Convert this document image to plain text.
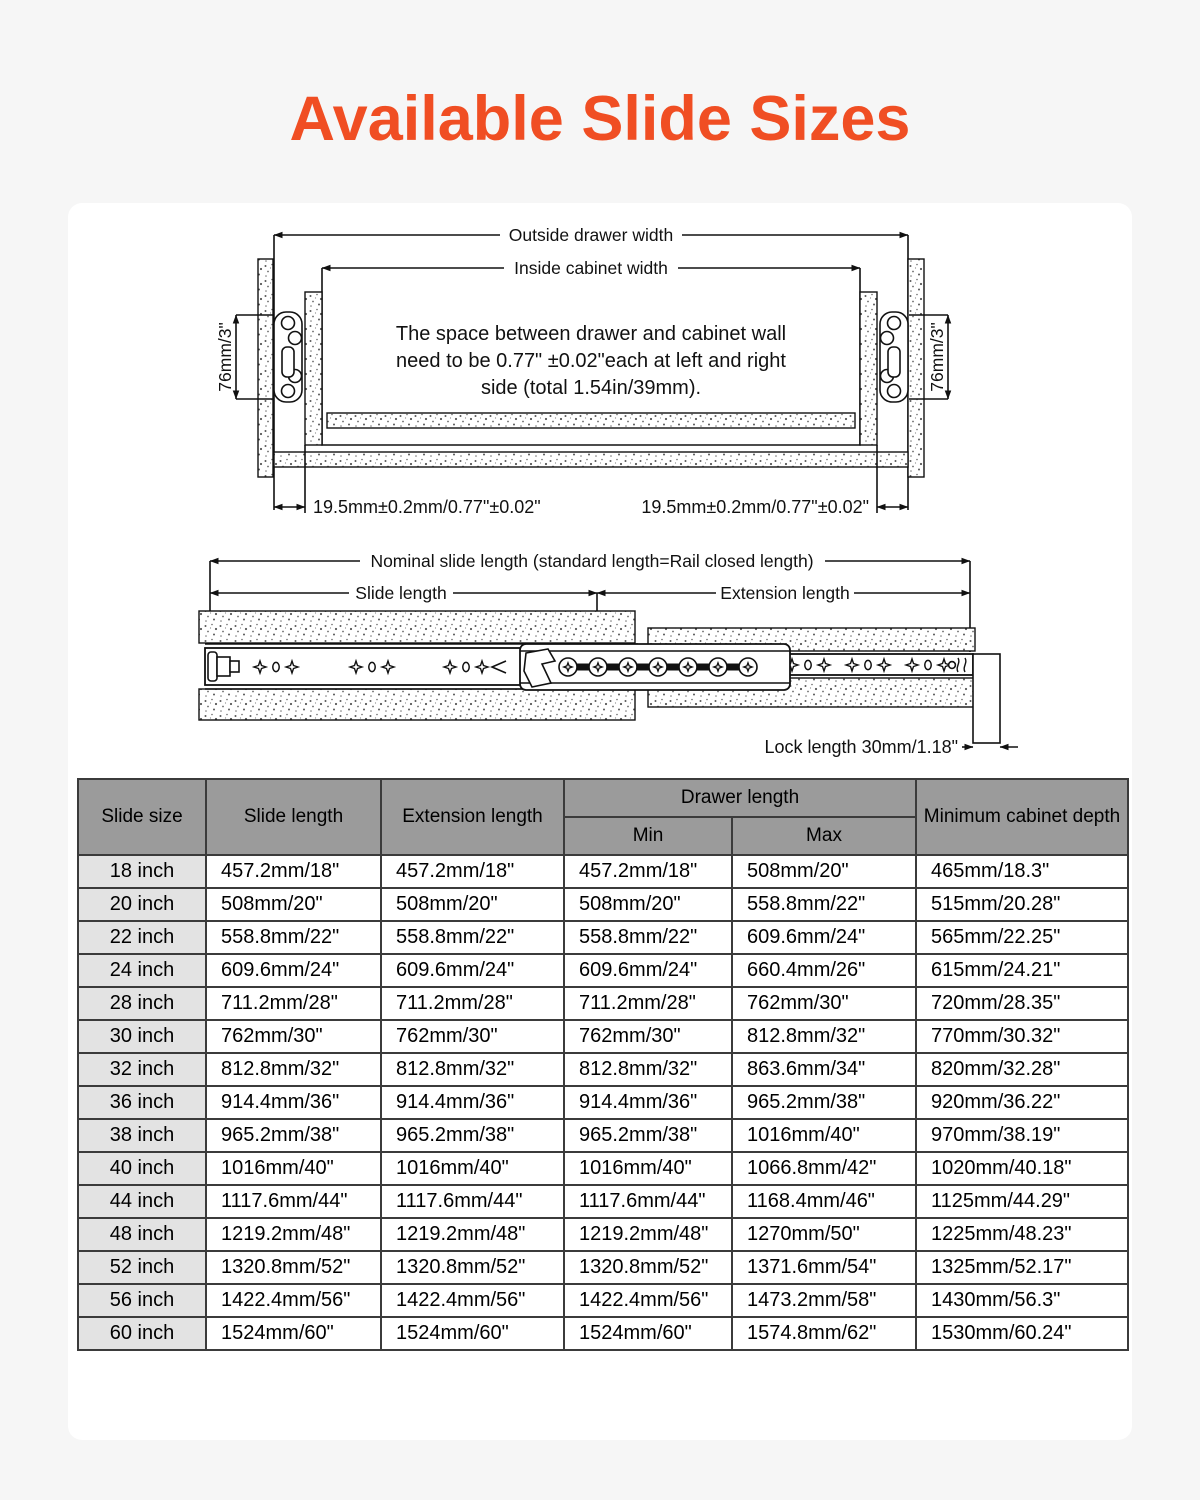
Available Slide Sizes
Outside drawer width
Inside cabinet width
The space between drawer and cabinet wall
need to be 0.77" ±0.02"each at left and right
side (total 1.54in/39mm).
76mm/3"	76mm/3"
19.5mm±0.2mm/0.77"±0.02"	19.5mm±0.2mm/0.77"±0.02"
Nominal slide length (standard length=Rail closed length)
Slide length	Extension length
Lock length 30mm/1.18"
Slide size	Slide length	Extension length	Drawer length		Minimum cabinet depth
			Min	Max	
18 inch	457.2mm/18"	457.2mm/18"	457.2mm/18"	508mm/20"	465mm/18.3"
20 inch	508mm/20"	508mm/20"	508mm/20"	558.8mm/22"	515mm/20.28"
22 inch	558.8mm/22"	558.8mm/22"	558.8mm/22"	609.6mm/24"	565mm/22.25"
24 inch	609.6mm/24"	609.6mm/24"	609.6mm/24"	660.4mm/26"	615mm/24.21"
28 inch	711.2mm/28"	711.2mm/28"	711.2mm/28"	762mm/30"	720mm/28.35"
30 inch	762mm/30"	762mm/30"	762mm/30"	812.8mm/32"	770mm/30.32"
32 inch	812.8mm/32"	812.8mm/32"	812.8mm/32"	863.6mm/34"	820mm/32.28"
36 inch	914.4mm/36"	914.4mm/36"	914.4mm/36"	965.2mm/38"	920mm/36.22"
38 inch	965.2mm/38"	965.2mm/38"	965.2mm/38"	1016mm/40"	970mm/38.19"
40 inch	1016mm/40"	1016mm/40"	1016mm/40"	1066.8mm/42"	1020mm/40.18"
44 inch	1117.6mm/44"	1117.6mm/44"	1117.6mm/44"	1168.4mm/46"	1125mm/44.29"
48 inch	1219.2mm/48"	1219.2mm/48"	1219.2mm/48"	1270mm/50"	1225mm/48.23"
52 inch	1320.8mm/52"	1320.8mm/52"	1320.8mm/52"	1371.6mm/54"	1325mm/52.17"
56 inch	1422.4mm/56"	1422.4mm/56"	1422.4mm/56"	1473.2mm/58"	1430mm/56.3"
60 inch	1524mm/60"	1524mm/60"	1524mm/60"	1574.8mm/62"	1530mm/60.24"
